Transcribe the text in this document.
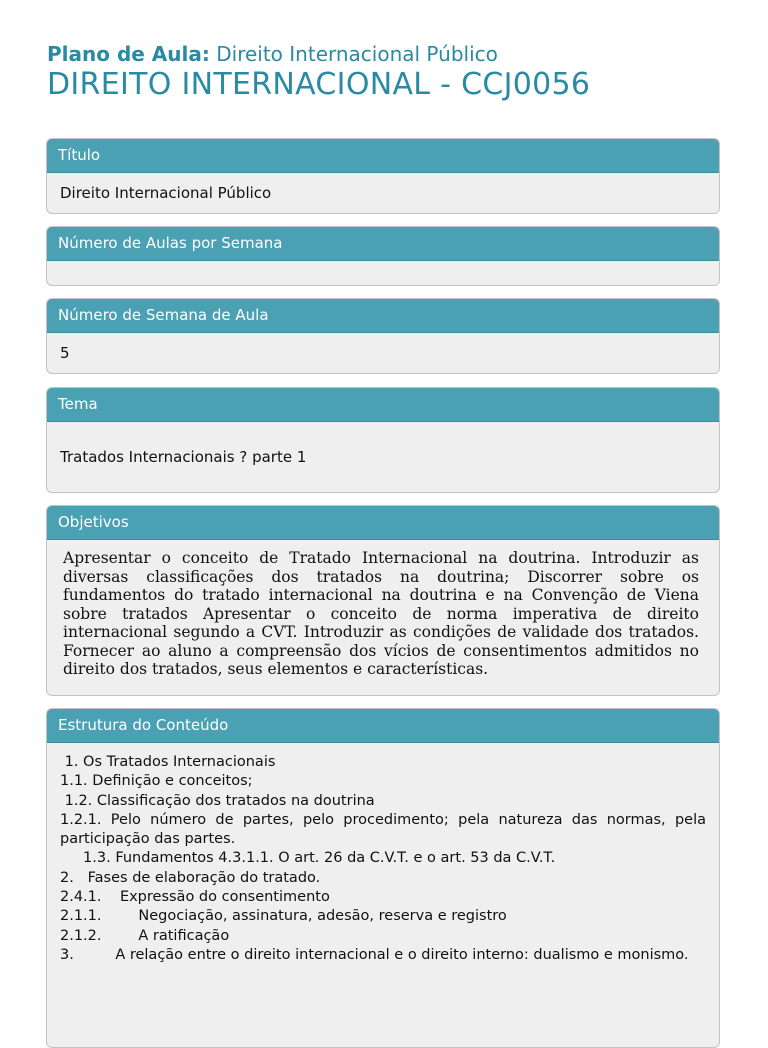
Plano de Aula: Direito Internacional Público
DIREITO INTERNACIONAL - CCJ0056
Título
Direito Internacional Público
Número de Aulas por Semana
Número de Semana de Aula
5
Tema
Tratados Internacionais ? parte 1
Objetivos
Apresentar o conceito de Tratado Internacional na doutrina. Introduzir as diversas classificações dos tratados na doutrina; Discorrer sobre os fundamentos do tratado internacional na doutrina e na Convenção de Viena sobre tratados Apresentar o conceito de norma imperativa de direito internacional segundo a CVT. Introduzir as condições de validade dos tratados. Fornecer ao aluno a compreensão dos vícios de consentimentos admitidos no direito dos tratados, seus elementos e características.
Estrutura do Conteúdo
1. Os Tratados Internacionais
1.1. Definição e conceitos;
1.2. Classificação dos tratados na doutrina
1.2.1. Pelo número de partes, pelo procedimento; pela natureza das normas, pela participação das partes.
1.3. Fundamentos 4.3.1.1. O art. 26 da C.V.T. e o art. 53 da C.V.T.
2.   Fases de elaboração do tratado.
2.4.1.    Expressão do consentimento
2.1.1.        Negociação, assinatura, adesão, reserva e registro
2.1.2.        A ratificação
3.         A relação entre o direito internacional e o direito interno: dualismo e monismo.
